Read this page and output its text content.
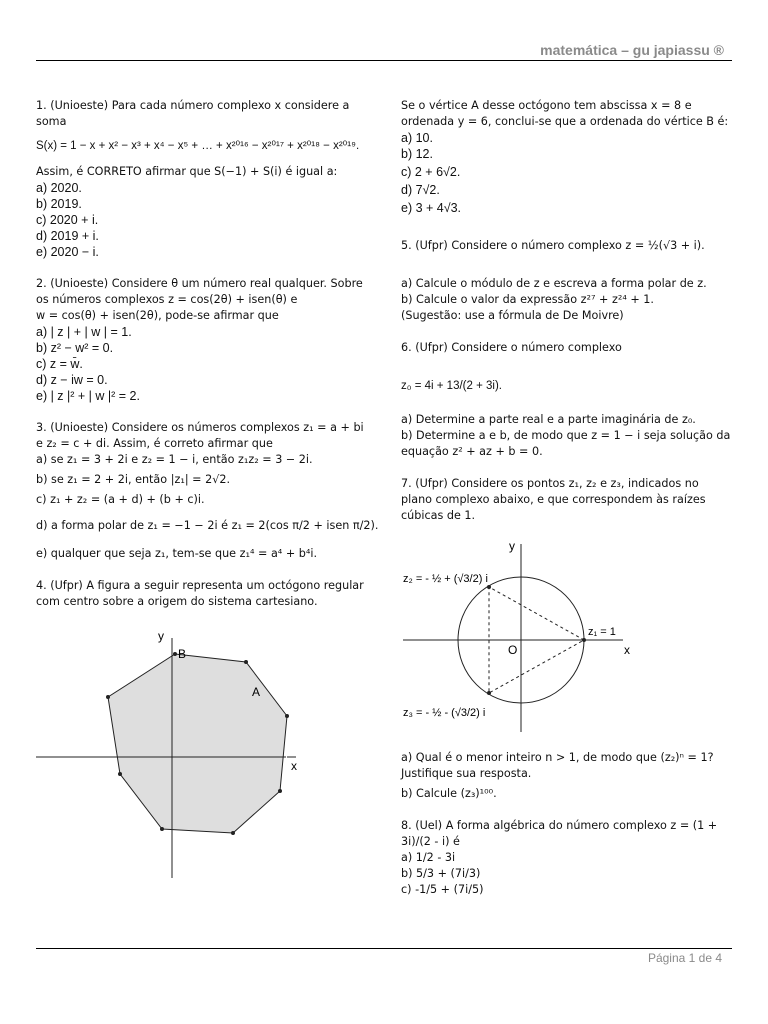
matemática – gu japiassu ®

1. (Unioeste) Para cada número complexo x considere a soma

S(x) = 1 − x + x² − x³ + x⁴ − x⁵ + … + x²⁰¹⁶ − x²⁰¹⁷ + x²⁰¹⁸ − x²⁰¹⁹.

Assim, é CORRETO afirmar que S(−1) + S(i) é igual a:

a) 2020.

b) 2019.

c) 2020 + i.

d) 2019 + i.

e) 2020 − i.

2. (Unioeste) Considere θ um número real qualquer. Sobre

os números complexos z = cos(2θ) + isen(θ) e

w = cos(θ) + isen(2θ), pode-se afirmar que

a) | z | + | w | = 1.

b) z² − w² = 0.

c) z = w̄.

d) z − iw = 0.

e) | z |² + | w |² = 2.

3. (Unioeste) Considere os números complexos z₁ = a + bi

e z₂ = c + di. Assim, é correto afirmar que

a) se z₁ = 3 + 2i e z₂ = 1 − i, então z₁z₂ = 3 − 2i.

b) se z₁ = 2 + 2i, então |z₁| = 2√2.

c) z₁ + z₂ = (a + d) + (b + c)i.

d) a forma polar de z₁ = −1 − 2i é z₁ = 2(cos π/2 + isen π/2).

e) qualquer que seja z₁, tem-se que z₁⁴ = a⁴ + b⁴i.

4. (Ufpr) A figura a seguir representa um octógono regular

com centro sobre a origem do sistema cartesiano.

y
x
B
A

Se o vértice A desse octógono tem abscissa x = 8 e

ordenada y = 6, conclui-se que a ordenada do vértice B é:

a) 10.

b) 12.

c) 2 + 6√2.

d) 7√2.

e) 3 + 4√3.

5. (Ufpr) Considere o número complexo z = ½(√3 + i).

a) Calcule o módulo de z e escreva a forma polar de z.

b) Calcule o valor da expressão z²⁷ + z²⁴ + 1.

(Sugestão: use a fórmula de De Moivre)

6. (Ufpr) Considere o número complexo

z₀ = 4i + 13/(2 + 3i).

a) Determine a parte real e a parte imaginária de z₀.

b) Determine a e b, de modo que z = 1 − i seja solução da

equação z² + az + b = 0.

7. (Ufpr) Considere os pontos z₁, z₂ e z₃, indicados no

plano complexo abaixo, e que correspondem às raízes

cúbicas de 1.

y
x
O
z₁ = 1
z₂ = - ½ + (√3/2) i
z₃ = - ½ - (√3/2) i

a) Qual é o menor inteiro n > 1, de modo que (z₂)ⁿ = 1?

Justifique sua resposta.

b) Calcule (z₃)¹⁰⁰.

8. (Uel) A forma algébrica do número complexo z = (1 +

3i)/(2 - i) é

a) 1/2 - 3i

b) 5/3 + (7i/3)

c) -1/5 + (7i/5)

Página 1 de 4
